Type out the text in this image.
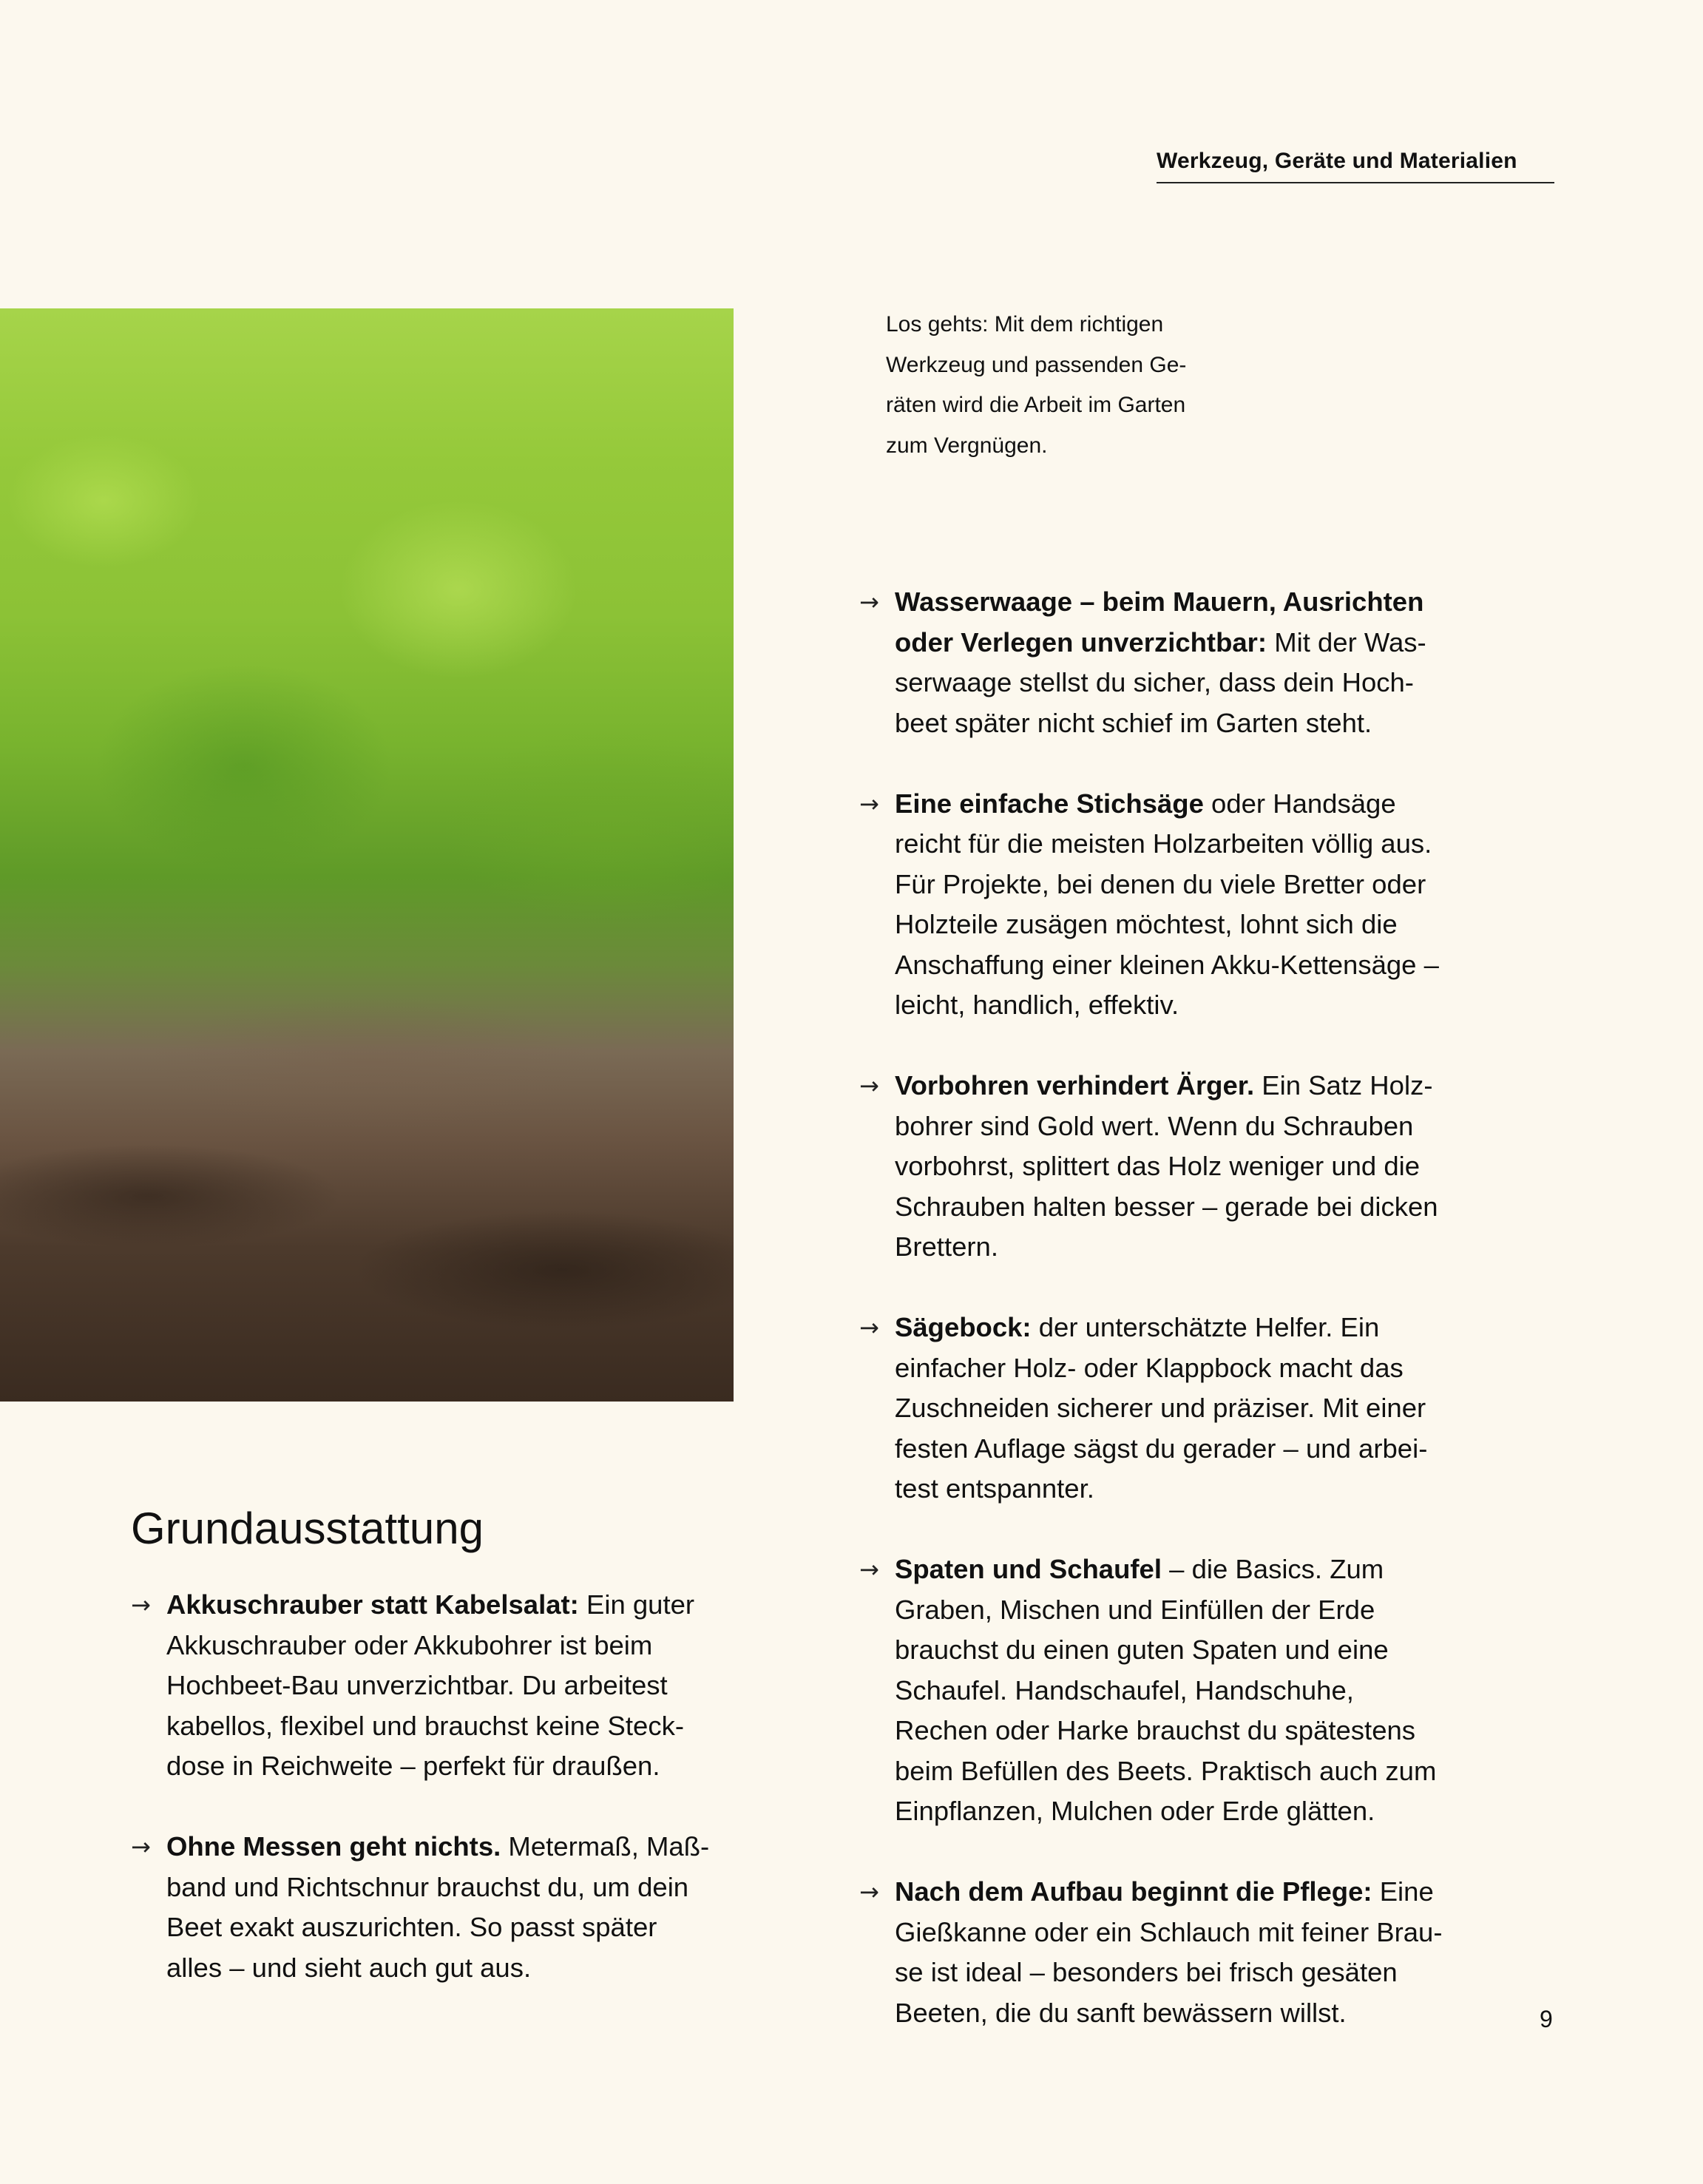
Werkzeug, Geräte und Materialien
Los gehts: Mit dem richtigen
Werkzeug und passenden Ge-
räten wird die Arbeit im Garten
zum Vergnügen.
Grundausstattung
→ Akkuschrauber statt Kabelsalat: Ein guter
Akkuschrauber oder Akkubohrer ist beim
Hochbeet-Bau unverzichtbar. Du arbeitest
kabellos, flexibel und brauchst keine Steck-
dose in Reichweite – perfekt für draußen.
→ Ohne Messen geht nichts. Metermaß, Maß-
band und Richtschnur brauchst du, um dein
Beet exakt auszurichten. So passt später
alles – und sieht auch gut aus.
→ Wasserwaage – beim Mauern, Ausrichten
oder Verlegen unverzichtbar: Mit der Was-
serwaage stellst du sicher, dass dein Hoch-
beet später nicht schief im Garten steht.
→ Eine einfache Stichsäge oder Handsäge
reicht für die meisten Holzarbeiten völlig aus.
Für Projekte, bei denen du viele Bretter oder
Holzteile zusägen möchtest, lohnt sich die
Anschaffung einer kleinen Akku-Kettensäge –
leicht, handlich, effektiv.
→ Vorbohren verhindert Ärger. Ein Satz Holz-
bohrer sind Gold wert. Wenn du Schrauben
vorbohrst, splittert das Holz weniger und die
Schrauben halten besser – gerade bei dicken
Brettern.
→ Sägebock: der unterschätzte Helfer. Ein
einfacher Holz- oder Klappbock macht das
Zuschneiden sicherer und präziser. Mit einer
festen Auflage sägst du gerader – und arbei-
test entspannter.
→ Spaten und Schaufel – die Basics. Zum
Graben, Mischen und Einfüllen der Erde
brauchst du einen guten Spaten und eine
Schaufel. Handschaufel, Handschuhe,
Rechen oder Harke brauchst du spätestens
beim Befüllen des Beets. Praktisch auch zum
Einpflanzen, Mulchen oder Erde glätten.
→ Nach dem Aufbau beginnt die Pflege: Eine
Gießkanne oder ein Schlauch mit feiner Brau-
se ist ideal – besonders bei frisch gesäten
Beeten, die du sanft bewässern willst.	9
